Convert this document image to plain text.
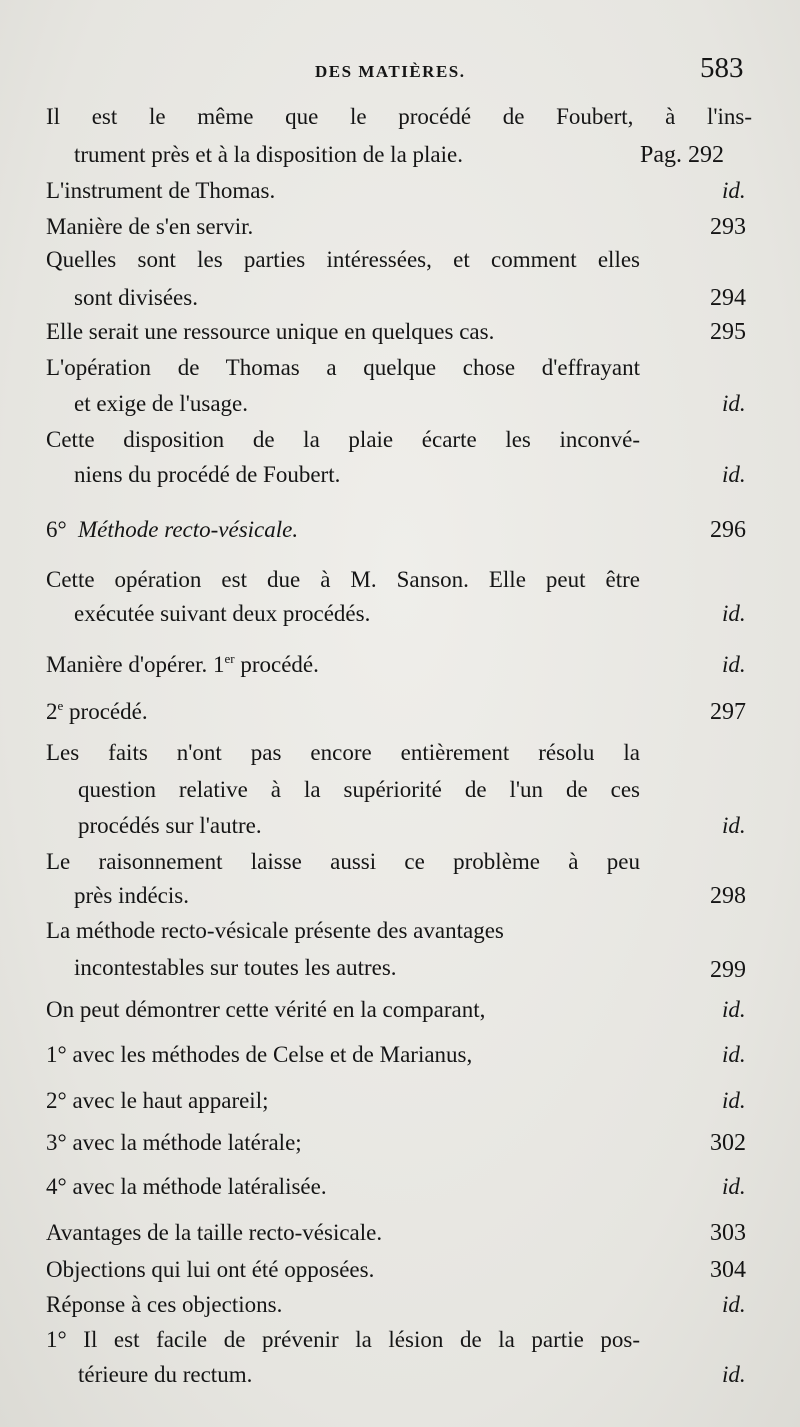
DES MATIÈRES.	583
Il est le même que le procédé de Foubert, à l'ins-
trument près et à la disposition de la plaie.	Pag. 292
L'instrument de Thomas.	id.
Manière de s'en servir.	293
Quelles sont les parties intéressées, et comment elles
sont divisées.	294
Elle serait une ressource unique en quelques cas.	295
L'opération de Thomas a quelque chose d'effrayant
et exige de l'usage.	id.
Cette disposition de la plaie écarte les inconvé-
niens du procédé de Foubert.	id.
6° Méthode recto-vésicale.	296
Cette opération est due à M. Sanson. Elle peut être
exécutée suivant deux procédés.	id.
Manière d'opérer. 1er procédé.	id.
2e procédé.	297
Les faits n'ont pas encore entièrement résolu la
question relative à la supériorité de l'un de ces
procédés sur l'autre.	id.
Le raisonnement laisse aussi ce problème à peu
près indécis.	298
La méthode recto-vésicale présente des avantages
incontestables sur toutes les autres.	299
On peut démontrer cette vérité en la comparant,	id.
1° avec les méthodes de Celse et de Marianus,	id.
2° avec le haut appareil;	id.
3° avec la méthode latérale;	302
4° avec la méthode latéralisée.	id.
Avantages de la taille recto-vésicale.	303
Objections qui lui ont été opposées.	304
Réponse à ces objections.	id.
1° Il est facile de prévenir la lésion de la partie pos-
térieure du rectum.	id.
